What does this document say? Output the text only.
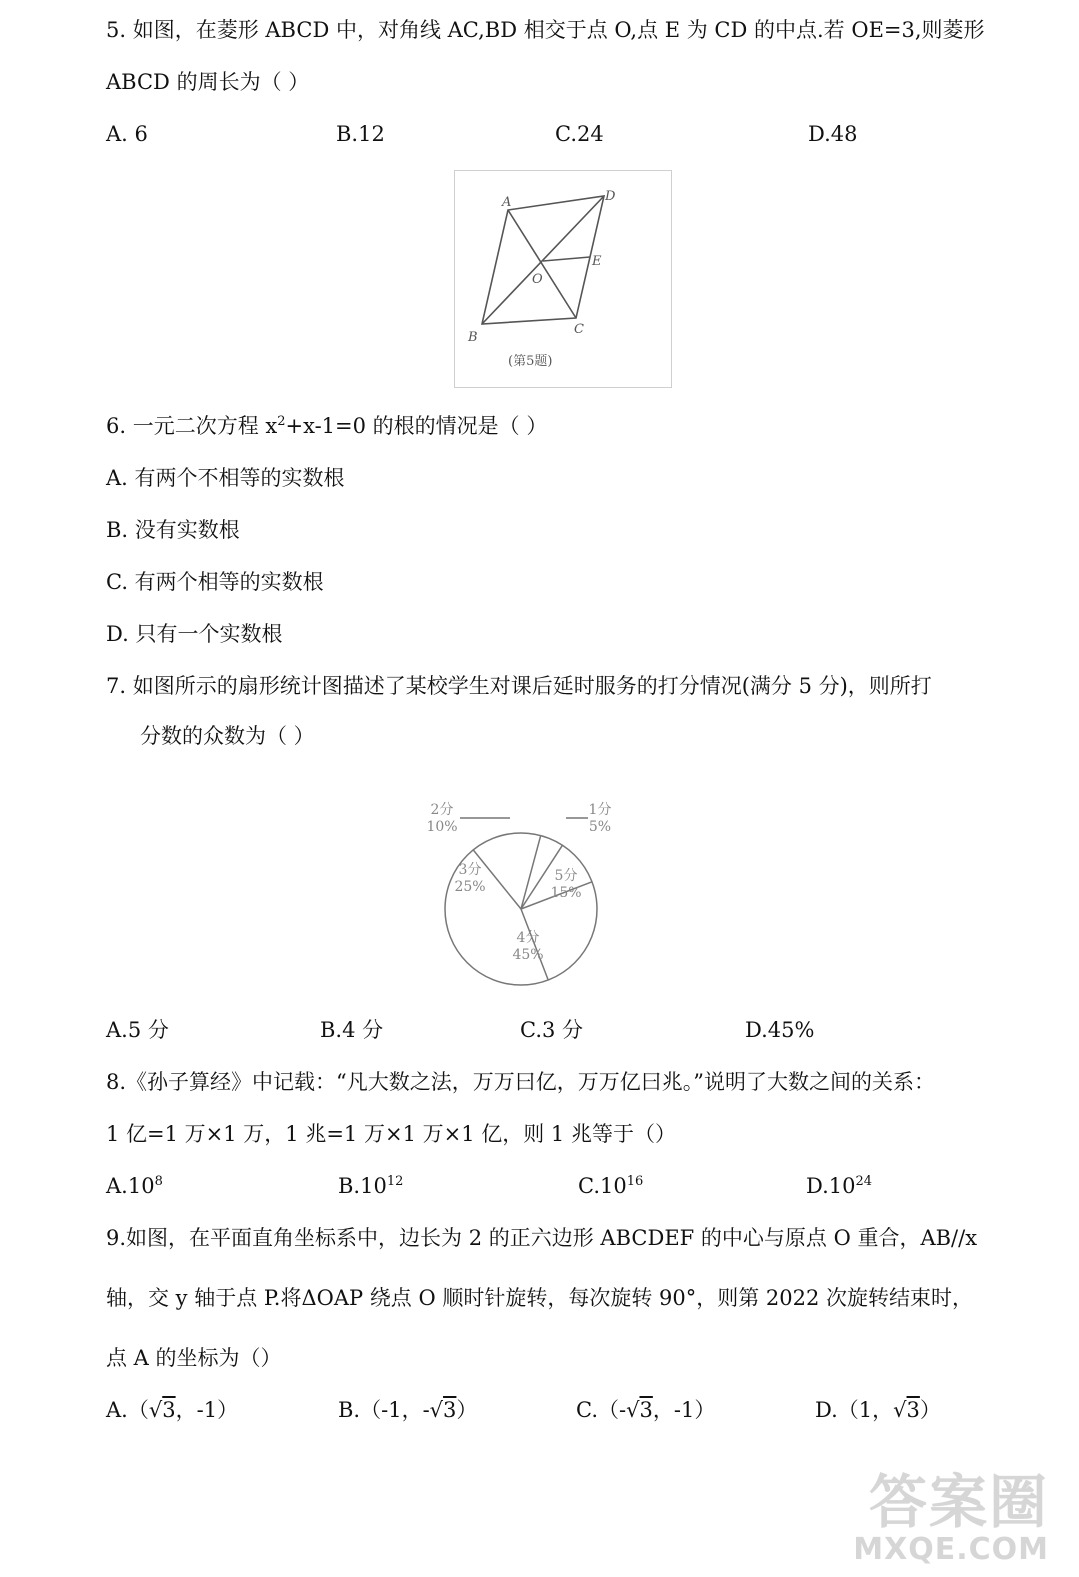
5. 如图，在菱形 ABCD 中，对角线 AC,BD 相交于点 O,点 E 为 CD 的中点.若 OE=3,则菱形
ABCD 的周长为（ ）
A. 6	B.12	C.24	D.48
A	D
O
E
B
C
(第5题)
6. 一元二次方程 $x^2+x-1=0$ 的根的情况是（ ）
A. 有两个不相等的实数根
B. 没有实数根
C. 有两个相等的实数根
D. 只有一个实数根
7. 如图所示的扇形统计图描述了某校学生对课后延时服务的打分情况(满分 5 分)，则所打
分数的众数为（ ）
1分 5%
2分 10%
3分 25%
4分 45%
5分 15%
A.5 分	B.4 分	C.3 分	D.45%
8.《孙子算经》中记载：“凡大数之法，万万曰亿，万万亿曰兆。”说明了大数之间的关系：
1 亿=1 万×1 万，1 兆=1 万×1 万×1 亿，则 1 兆等于（）
$A.10^8$	$B.10^{12}$	$C.10^{16}$	$D.10^{24}$
9.如图，在平面直角坐标系中，边长为 2 的正六边形 ABCDEF 的中心与原点 O 重合，AB//x
轴，交 y 轴于点 P.将ΔOAP 绕点 O 顺时针旋转，每次旋转 90°，则第 2022 次旋转结束时，
点 A 的坐标为（）
A.（√3，-1）	B.（-1，-√3）	C.（-√3，-1）	D.（1，√3）
答案圈
MXQE.COM
